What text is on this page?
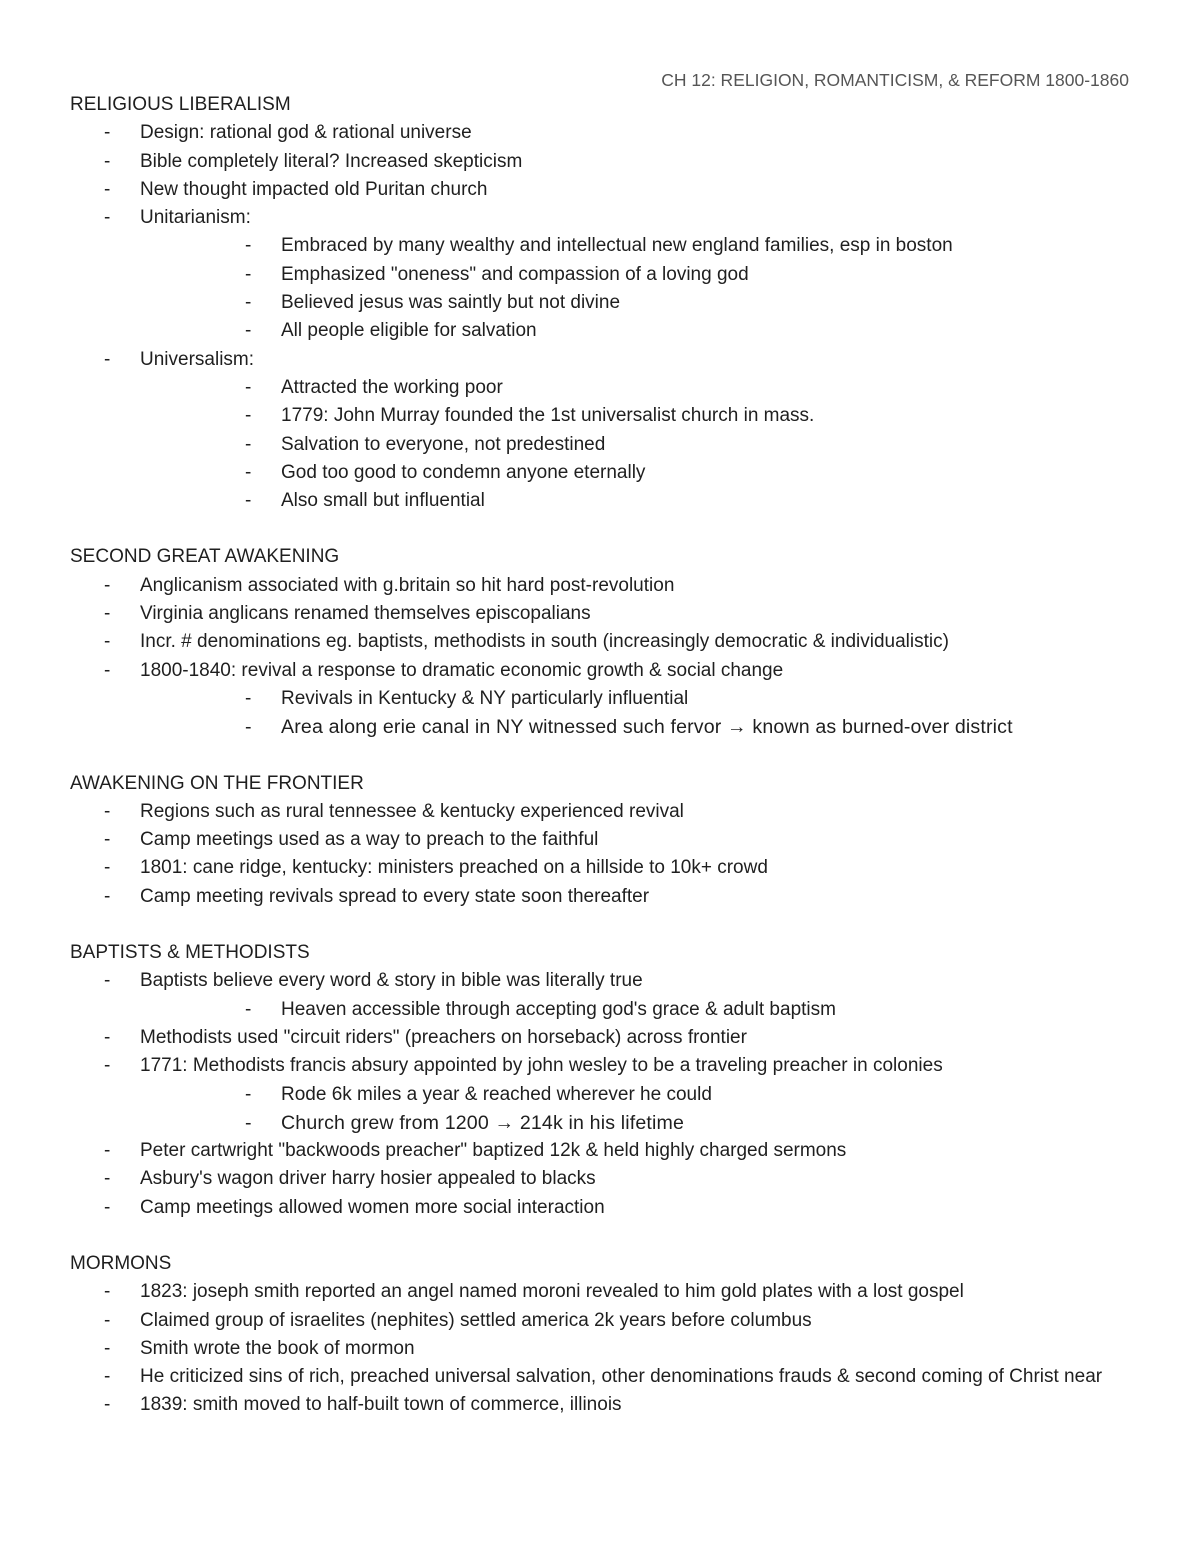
CH 12: RELIGION, ROMANTICISM, & REFORM 1800-1860
RELIGIOUS LIBERALISM
- Design: rational god & rational universe
- Bible completely literal? Increased skepticism
- New thought impacted old Puritan church
- Unitarianism:
- Embraced by many wealthy and intellectual new england families, esp in boston
- Emphasized "oneness" and compassion of a loving god
- Believed jesus was saintly but not divine
- All people eligible for salvation
- Universalism:
- Attracted the working poor
- 1779: John Murray founded the 1st universalist church in mass.
- Salvation to everyone, not predestined
- God too good to condemn anyone eternally
- Also small but influential
SECOND GREAT AWAKENING
- Anglicanism associated with g.britain so hit hard post-revolution
- Virginia anglicans renamed themselves episcopalians
- Incr. # denominations eg. baptists, methodists in south (increasingly democratic & individualistic)
- 1800-1840: revival a response to dramatic economic growth & social change
- Revivals in Kentucky & NY particularly influential
- Area along erie canal in NY witnessed such fervor → known as burned-over district
AWAKENING ON THE FRONTIER
- Regions such as rural tennessee & kentucky experienced revival
- Camp meetings used as a way to preach to the faithful
- 1801: cane ridge, kentucky: ministers preached on a hillside to 10k+ crowd
- Camp meeting revivals spread to every state soon thereafter
BAPTISTS & METHODISTS
- Baptists believe every word & story in bible was literally true
- Heaven accessible through accepting god's grace & adult baptism
- Methodists used "circuit riders" (preachers on horseback) across frontier
- 1771: Methodists francis absury appointed by john wesley to be a traveling preacher in colonies
- Rode 6k miles a year & reached wherever he could
- Church grew from 1200 → 214k in his lifetime
- Peter cartwright "backwoods preacher" baptized 12k & held highly charged sermons
- Asbury's wagon driver harry hosier appealed to blacks
- Camp meetings allowed women more social interaction
MORMONS
- 1823: joseph smith reported an angel named moroni revealed to him gold plates with a lost gospel
- Claimed group of israelites (nephites) settled america 2k years before columbus
- Smith wrote the book of mormon
- He criticized sins of rich, preached universal salvation, other denominations frauds & second coming of Christ near
- 1839: smith moved to half-built town of commerce, illinois
